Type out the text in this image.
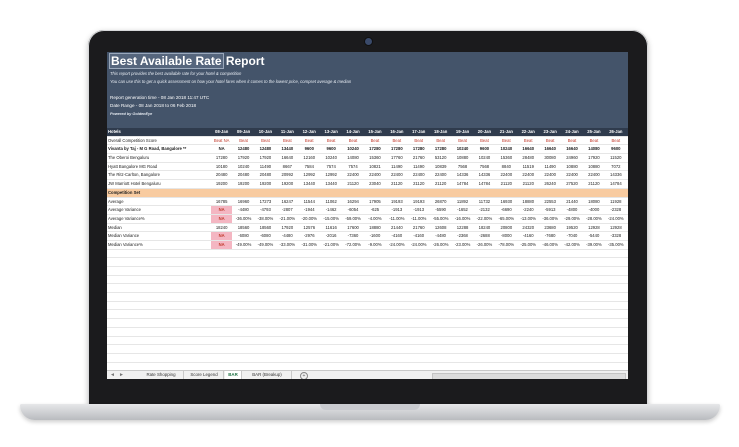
Best Available Rate Report
This report provides the best available rate for your hotel & competition
You can use this to get a quick assessment on how your hotel fares when it comes to the lowest price, compset average & median
Report generation time - 08 Jan 2018 11:47 UTC
Date Range - 08 Jan 2018 to 06 Feb 2018
Powered by GoldenEye
Hotels	08-Jan	09-Jan	10-Jan	11-Jan	12-Jan	13-Jan	14-Jan	15-Jan	16-Jan	17-Jan	18-Jan	19-Jan	20-Jan	21-Jan	22-Jan	23-Jan	24-Jan	25-Jan	26-Jan
Overall Competition Score	Beat NA	Beat	Beat	Beat	Beat	Beat	Beat	Beat	Beat	Beat	Beat	Beat	Beat	Beat	Beat	Beat	Beat	Beat	Beat
Vivanta by Taj - M G Road, Bangalore **	NA	12480	12480	13440	9600	9600	10240	17280	17280	17280	17280	10240	9600	10240	16640	16640	16640	14080	9600
The Oberoi Bengaluru	17280	17920	17920	16640	12160	10240	14080	15360	17760	21760	53120	10880	10240	15360	28480	30080	24960	17920	11520
Hyatt Bangalore MG Road	10180	10240	11490	8667	7584	7574	7574	10821	11490	11490	10839	7568	7568	8840	11519	11490	10880	10880	7072
The Ritz-Carlton, Bangalore	20480	20480	20480	20992	12992	12992	22400	22400	22400	22400	22400	14336	14336	22400	22400	22400	22400	22400	14336
JW Marriott Hotel Bengaluru	19200	19200	19200	19200	13440	13440	21120	23040	21120	21120	21120	14784	14784	21120	21120	26240	27520	21120	14784
Competition Set
Average	16785	16960	17273	16247	11544	11062	16294	17905	19193	19193	26870	11892	11732	16930	18880	22553	21440	18080	11928
Average Variance	NA	-4480	-4793	-2807	-1944	-1462	-6054	-625	-1913	-1913	-5590	-1652	-2132	-6690	-2240	-5913	-4800	-4000	-2328
Average Variance%	NA	-36.00%	-38.00%	-21.00%	-20.00%	-15.00%	-59.00%	-4.00%	-11.00%	-11.00%	-55.00%	-16.00%	-22.00%	-65.00%	-13.00%	-36.00%	-29.00%	-28.00%	-24.00%
Median	18240	18560	18560	17920	12576	11616	17600	18880	21440	21760	12608	12288	18240	20800	24320	23680	19520	12928	12928
Median Variance	NA	-6080	-6080	-4480	-2976	-2016	-7360	-1600	-4160	-4160	-4480	-2368	-2688	-8000	-4160	-7680	-7040	-5440	-3328
Median Variance%	NA	-49.00%	-49.00%	-33.00%	-31.00%	-21.00%	-72.00%	-9.00%	-24.00%	-24.00%	-26.00%	-23.00%	-26.00%	-78.00%	-25.00%	-46.00%	-42.00%	-39.00%	-35.00%
◄ ►	+
Rate Shopping	Score Legend	BAR	BAR (Breakup)
